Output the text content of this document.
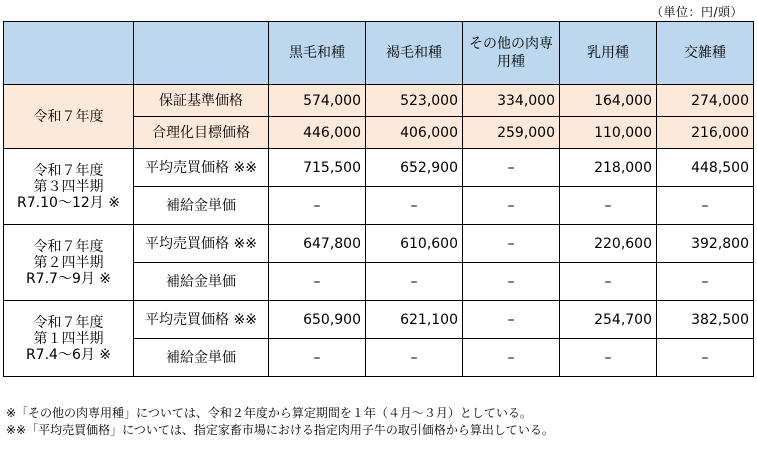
（単位：円/頭）
		黒毛和種	褐毛和種	その他の肉専用種	乳用種	交雑種
令和７年度	保証基準価格	574,000	523,000	334,000	164,000	274,000
	合理化目標価格	446,000	406,000	259,000	110,000	216,000

令和７年度
第３四半期
R7.10～12月 ※	平均売買価格 ※※	715,500	652,900	–	218,000	448,500
	補給金単価	–	–	–	–	–

令和７年度
第２四半期
R7.7～9月 ※	平均売買価格 ※※	647,800	610,600	–	220,600	392,800
	補給金単価	–	–	–	–	–

令和７年度
第１四半期
R7.4～6月 ※	平均売買価格 ※※	650,900	621,100	–	254,700	382,500
	補給金単価	–	–	–	–	–
※「その他の肉専用種」については、令和２年度から算定期間を１年（４月～３月）としている。
※※「平均売買価格」については、指定家畜市場における指定肉用子牛の取引価格から算出している。
